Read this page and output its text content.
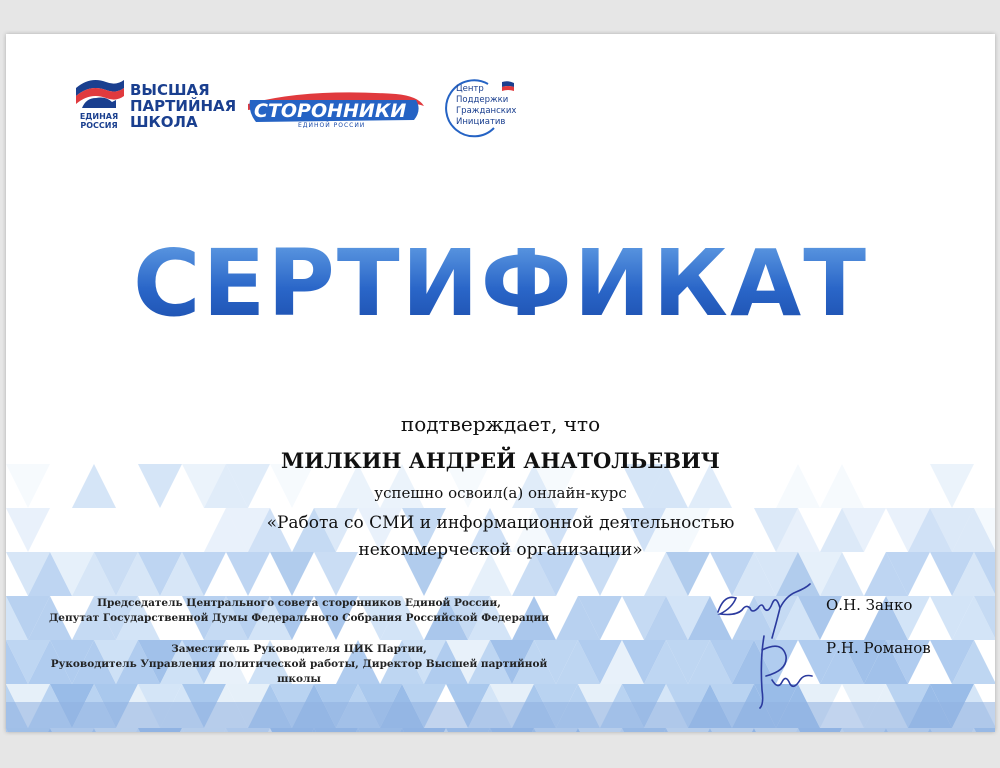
ЕДИНАЯ
РОССИЯ
ВЫСШАЯ
ПАРТИЙНАЯ
ШКОЛА	СТОРОННИКИ
ЕДИНОЙ РОССИИ
Центр
Поддержки
Гражданских
Инициатив
СЕРТИФИКАТ
подтверждает, что
МИЛКИН АНДРЕЙ АНАТОЛЬЕВИЧ
успешно освоил(а) онлайн-курс
«Работа со СМИ и информационной деятельностью
некоммерческой организации»
Председатель Центрального совета сторонников Единой России,
Депутат Государственной Думы Федерального Собрания Российской Федерации
Заместитель Руководителя ЦИК Партии,
Руководитель Управления политической работы, Директор Высшей партийной
школы
О.Н. Занко
Р.Н. Романов
